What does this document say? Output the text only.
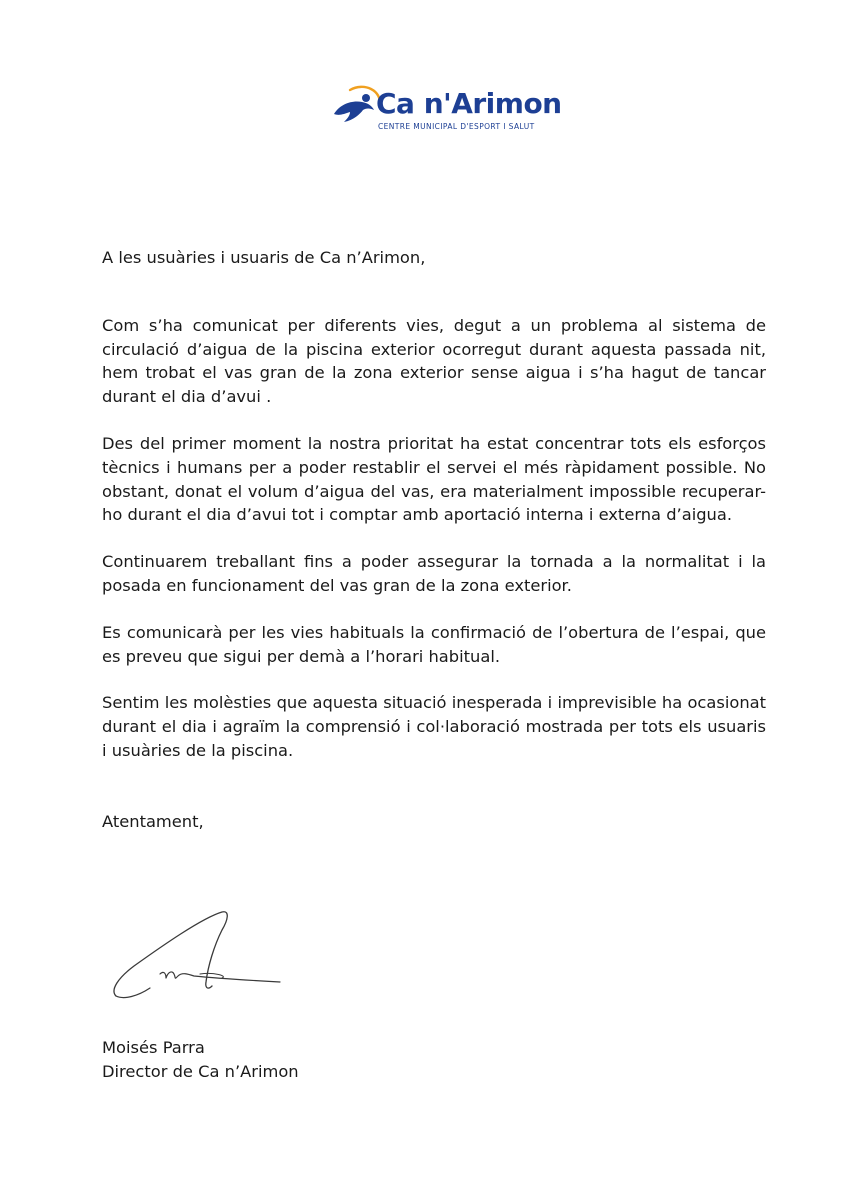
Ca n'Arimon
CENTRE MUNICIPAL D'ESPORT I SALUT

A les usuàries i usuaris de Ca n’Arimon,

Com s’ha comunicat per diferents vies, degut a un problema al sistema de circulació d’aigua de la piscina exterior ocorregut durant aquesta passada nit, hem trobat el vas gran de la zona exterior sense aigua i s’ha hagut de tancar durant el dia d’avui .

Des del primer moment la nostra prioritat ha estat concentrar tots els esforços tècnics i humans per a poder restablir el servei el més ràpidament possible. No obstant, donat el volum d’aigua del vas, era materialment impossible recuperar-ho durant el dia d’avui tot i comptar amb aportació interna i externa d’aigua.

Continuarem treballant fins a poder assegurar la tornada a la normalitat i la posada en funcionament del vas gran de la zona exterior.

Es comunicarà per les vies habituals la confirmació de l’obertura de l’espai, que es preveu que sigui per demà a l’horari habitual.

Sentim les molèsties que aquesta situació inesperada i imprevisible ha ocasionat durant el dia i agraïm la comprensió i col·laboració mostrada per tots els usuaris i usuàries de la piscina.

Atentament,

Moisés Parra
Director de Ca n’Arimon
